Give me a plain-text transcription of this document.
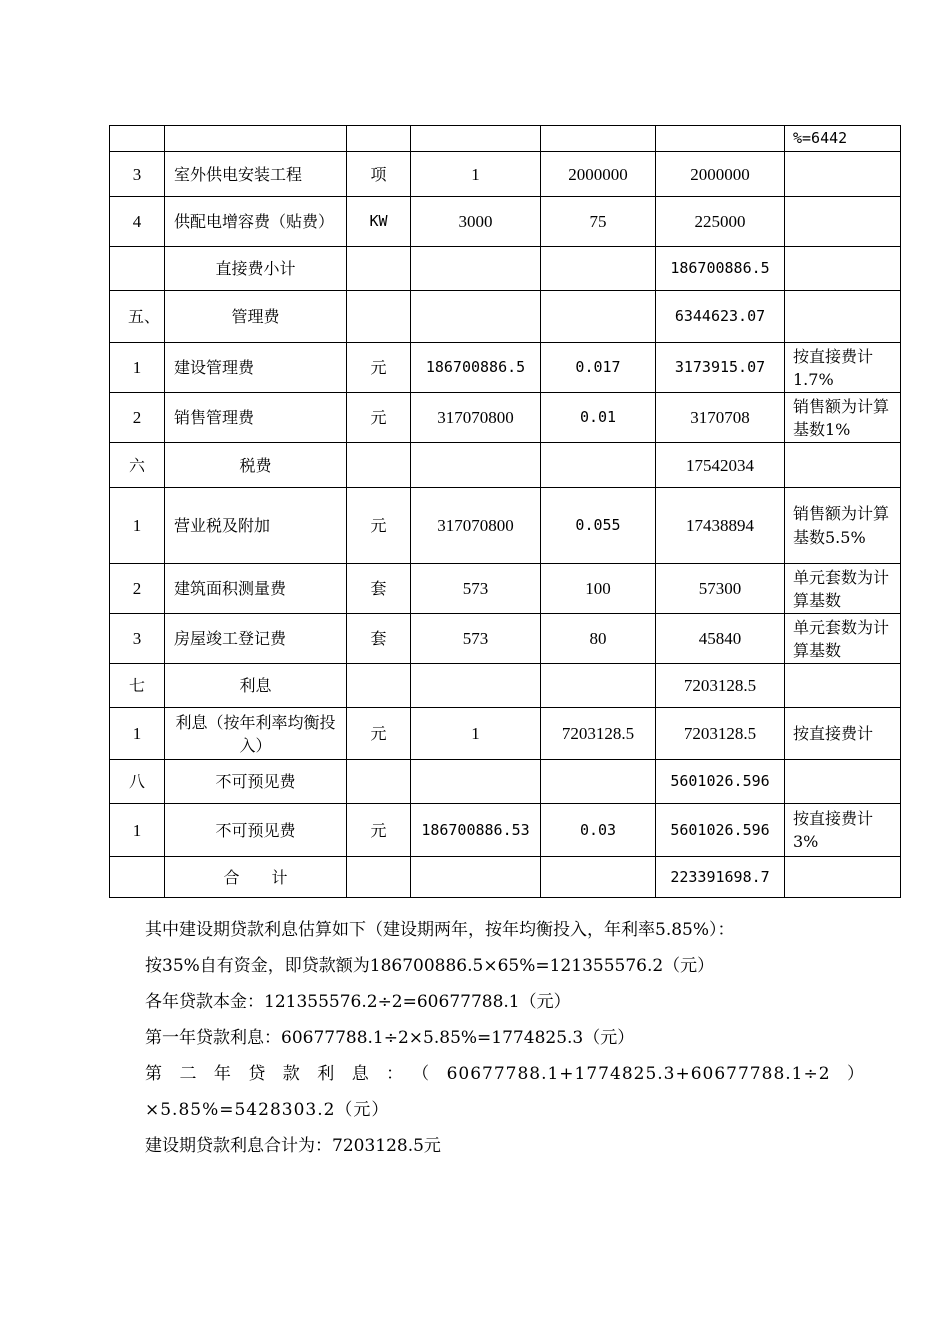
						%=6442
3	室外供电安装工程	项	1	2000000	2000000	
4	供配电增容费（贴费）	KW	3000	75	225000	
	直接费小计				186700886.5	

五、	管理费				6344623.07	
1	建设管理费	元	186700886.5	0.017	3173915.07	按直接费计1.7%
2	销售管理费	元	317070800	0.01	3170708	销售额为计算基数1%
六	税费				17542034	
1	营业税及附加	元	317070800	0.055	17438894	销售额为计算基数5.5%
2	建筑面积测量费	套	573	100	57300	单元套数为计算基数
3	房屋竣工登记费	套	573	80	45840	单元套数为计算基数
七	利息				7203128.5	
1	利息（按年利率均衡投入）	元	1	7203128.5	7203128.5	按直接费计
八	不可预见费				5601026.596	
1	不可预见费	元	186700886.53	0.03	5601026.596	按直接费计3%
	合　　计				223391698.7	

其中建设期贷款利息估算如下（建设期两年，按年均衡投入，年利率5.85%）：

按35%自有资金，即贷款额为186700886.5×65%=121355576.2（元）

各年贷款本金：121355576.2÷2=60677788.1（元）

第一年贷款利息：60677788.1÷2×5.85%=1774825.3（元）

第二年贷款利息：（60677788.1+1774825.3+60677788.1÷2）×5.85%=5428303.2（元）

建设期贷款利息合计为：7203128.5元
